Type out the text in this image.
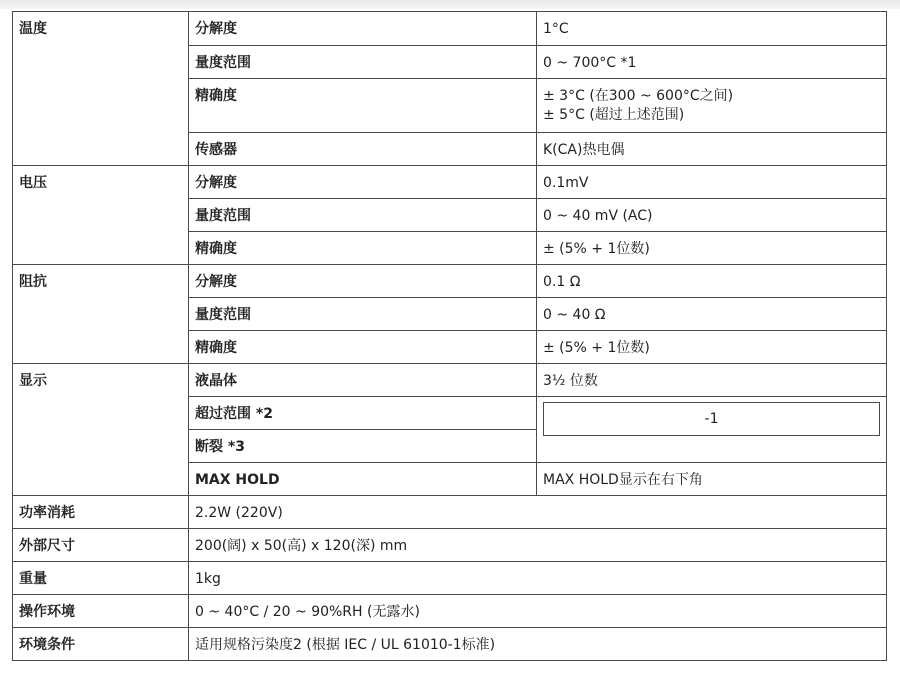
温度	分解度	1°C
	量度范围	0 ~ 700°C *1
	精确度	± 3°C (在300 ~ 600°C之间)
± 5°C (超过上述范围)

	传感器	K(CA)热电偶
电压	分解度	0.1mV
	量度范围	0 ~ 40 mV (AC)
	精确度	± (5% + 1位数)
阻抗	分解度	0.1 Ω
	量度范围	0 ~ 40 Ω
	精确度	± (5% + 1位数)
显示	液晶体	3½ 位数
	超过范围 *2	-1

	断裂 *3	
	MAX HOLD	MAX HOLD显示在右下角
功率消耗	2.2W (220V)	
外部尺寸	200(阔) x 50(高) x 120(深) mm	
重量	1kg	
操作环境	0 ~ 40°C / 20 ~ 90%RH (无露水)	
环境条件	适用规格污染度2 (根据 IEC / UL 61010-1标准)	
